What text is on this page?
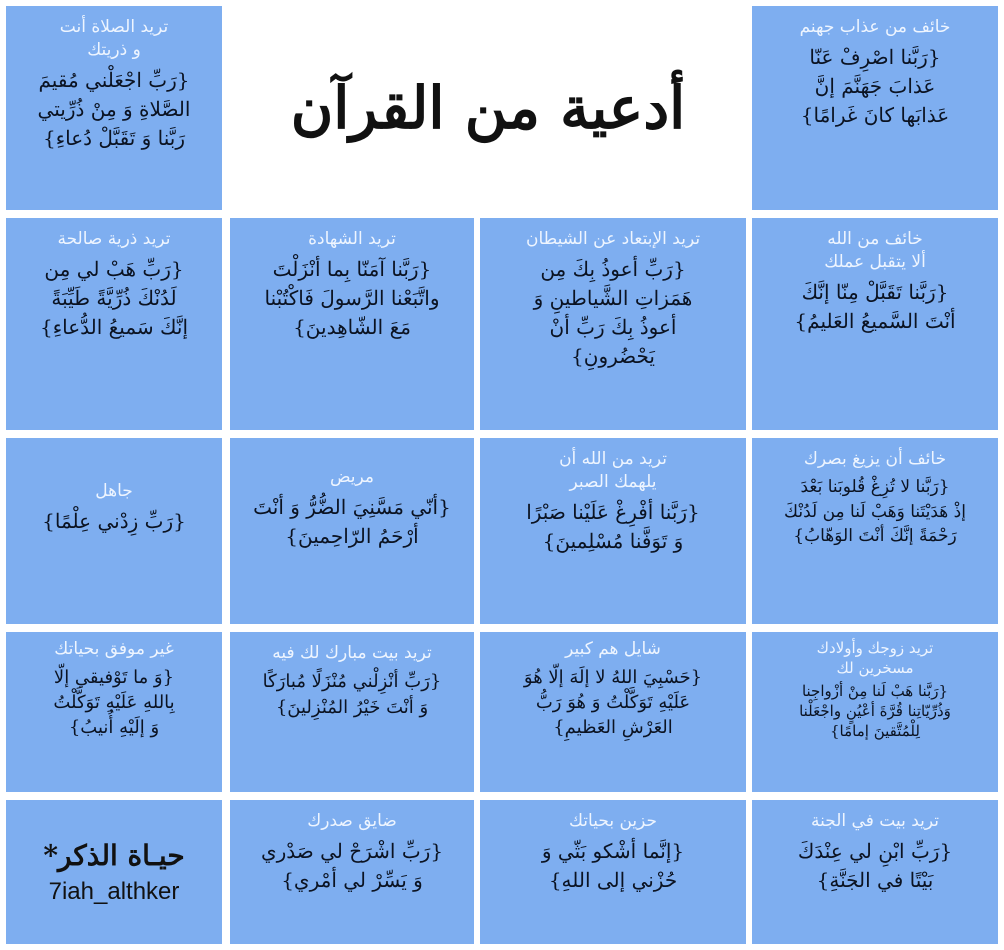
خائف من عذاب جهنم
{رَبَّنا اصْرِفْ عَنّا
عَذابَ جَهَنَّمَ إنَّ
عَذابَها كانَ غَرامًا}
أدعية من القرآن
تريد الصلاة أنت
و ذريتك
{رَبِّ اجْعَلْني مُقيمَ
الصَّلاةِ وَ مِنْ ذُرِّيتي
رَبَّنا وَ تَقَبَّلْ دُعاءِ}
خائف من الله
ألا يتقبل عملك
{رَبَّنا تَقَبَّلْ مِنّا إنَّكَ
أنْتَ السَّميعُ العَليمُ}
تريد الإبتعاد عن الشيطان
{رَبِّ أعوذُ بِكَ مِن
هَمَزاتِ الشَّياطينِ وَ
أعوذُ بِكَ رَبِّ أنْ
يَحْضُرونِ}
تريد الشهادة
{رَبَّنا آمَنّا بِما أنْزَلْتَ
واتَّبَعْنا الرَّسولَ فَاكْتُبْنا
مَعَ الشّاهِدينَ}
تريد ذرية صالحة
{رَبِّ هَبْ لي مِن
لَدُنْكَ ذُرِّيَّةً طَيِّبَةً
إنَّكَ سَميعُ الدُّعاءِ}
خائف أن يزيغ بصرك
{رَبَّنا لا تُزِغْ قُلوبَنا بَعْدَ
إذْ هَدَيْتَنا وَهَبْ لَنا مِن لَدُنْكَ
رَحْمَةً إنَّكَ أنْتَ الوَهّابُ}
تريد من الله أن
يلهمك الصبر
{رَبَّنا أفْرِغْ عَلَيْنا صَبْرًا
وَ تَوَفَّنا مُسْلِمينَ}
مريض
{أنّي مَسَّنِيَ الضُّرُّ وَ أنْتَ
أرْحَمُ الرّاحِمينَ}
جاهل
{رَبِّ زِدْني عِلْمًا}
تريد زوجك وأولادك
مسخرين لك
{رَبَّنا هَبْ لَنا مِنْ أزْواجِنا
وَذُرِّيّاتِنا قُرَّةَ أعْيُنٍ واجْعَلْنا
لِلْمُتَّقينَ إمامًا}
شايل هم كبير
{حَسْبِيَ اللهُ لا إلَهَ إلّا هُوَ
عَلَيْهِ تَوَكَّلْتُ وَ هُوَ رَبُّ
العَرْشِ العَظيمِ}
تريد بيت مبارك لك فيه
{رَبِّ أنْزِلْني مُنْزَلًا مُبارَكًا
وَ أنْتَ خَيْرُ المُنْزِلينَ}
غير موفق بحياتك
{وَ ما تَوْفيقي إلّا
بِاللهِ عَلَيْهِ تَوَكَّلْتُ
وَ إلَيْهِ أُنيبُ}
تريد بيت في الجنة
{رَبِّ ابْنِ لي عِنْدَكَ
بَيْتًا في الجَنَّةِ}
حزين بحياتك
{إنَّما أشْكو بَثّي وَ
حُزْني إلى اللهِ}
ضايق صدرك
{رَبِّ اشْرَحْ لي صَدْري
وَ يَسِّرْ لي أمْري}
حيـاة الذكر*
7iah_althker
